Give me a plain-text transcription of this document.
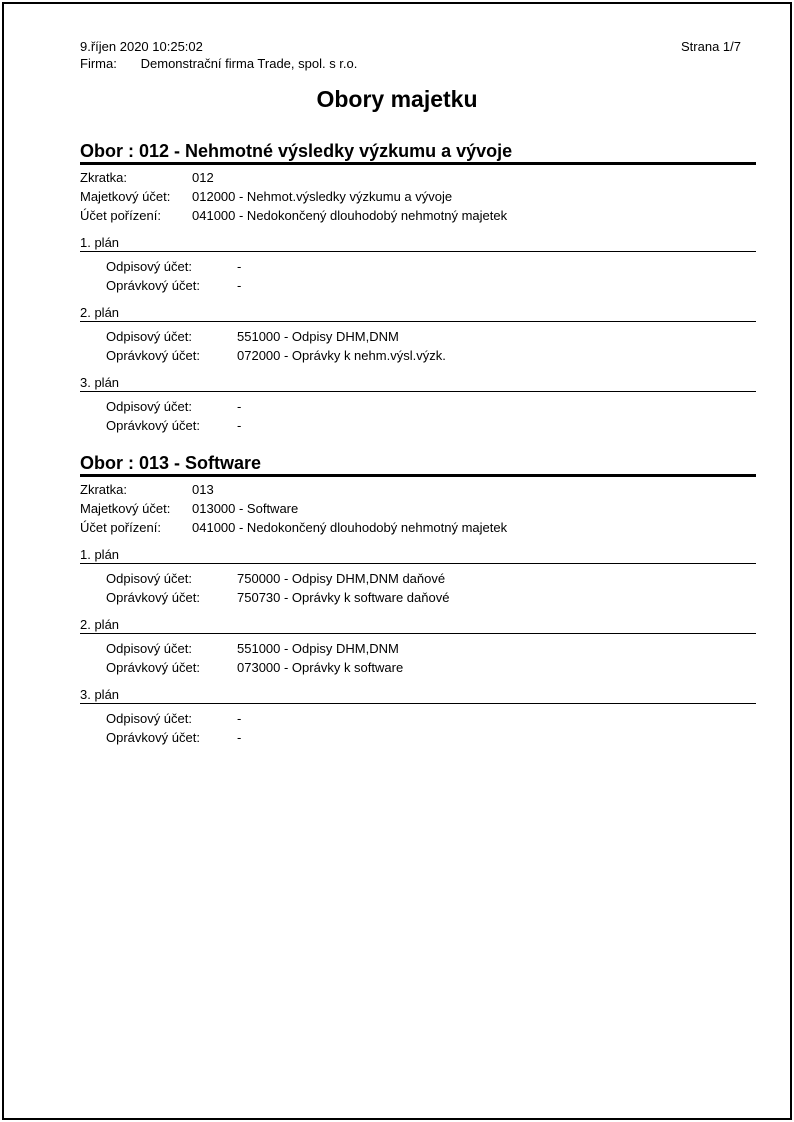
9.říjen 2020 10:25:02	Strana 1/7
Firma: Demonstrační firma Trade, spol. s r.o.
Obory majetku
Obor : 012 - Nehmotné výsledky výzkumu a vývoje
Zkratka:	012
Majetkový účet:	012000 - Nehmot.výsledky výzkumu a vývoje
Účet pořízení:	041000 - Nedokončený dlouhodobý nehmotný majetek
1. plán
Odpisový účet:	-
Oprávkový účet:	-
2. plán
Odpisový účet:	551000 - Odpisy DHM,DNM
Oprávkový účet:	072000 - Oprávky k nehm.výsl.výzk.
3. plán
Odpisový účet:	-
Oprávkový účet:	-
Obor : 013 - Software
Zkratka:	013
Majetkový účet:	013000 - Software
Účet pořízení:	041000 - Nedokončený dlouhodobý nehmotný majetek
1. plán
Odpisový účet:	750000 - Odpisy DHM,DNM daňové
Oprávkový účet:	750730 - Oprávky k software daňové
2. plán
Odpisový účet:	551000 - Odpisy DHM,DNM
Oprávkový účet:	073000 - Oprávky k software
3. plán
Odpisový účet:	-
Oprávkový účet:	-
